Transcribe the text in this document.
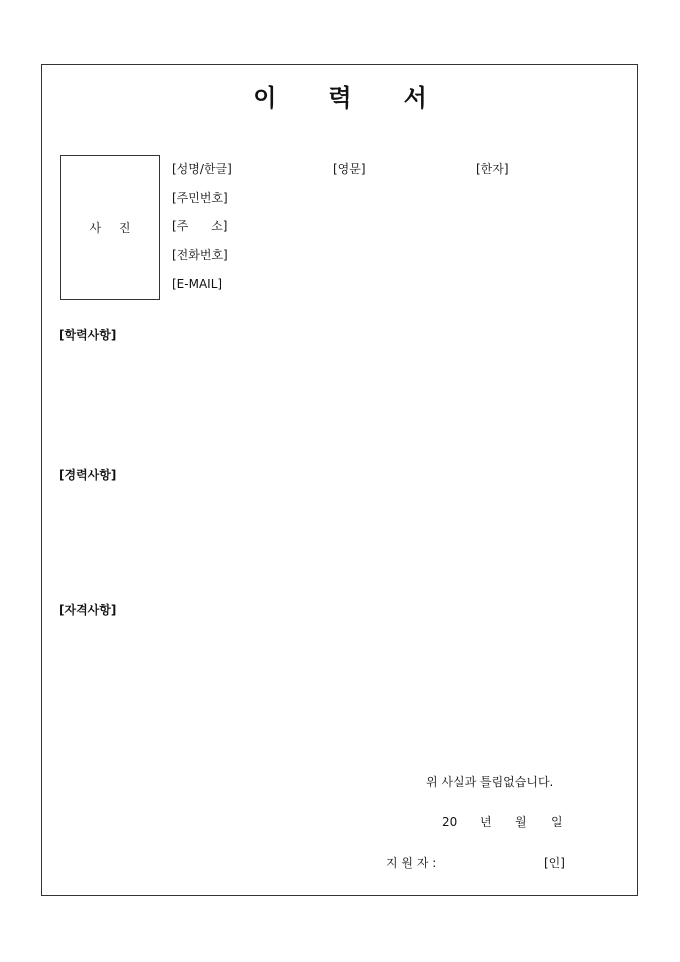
이 력 서
사 진
[성명/한글]	[영문]	[한자]
[주민번호]
[주      소]
[전화번호]
[E-MAIL]
[학력사항]
[경력사항]
[자격사항]
위 사실과 틀림없습니다.
20 년 월 일
지 원 자 :	[인]
